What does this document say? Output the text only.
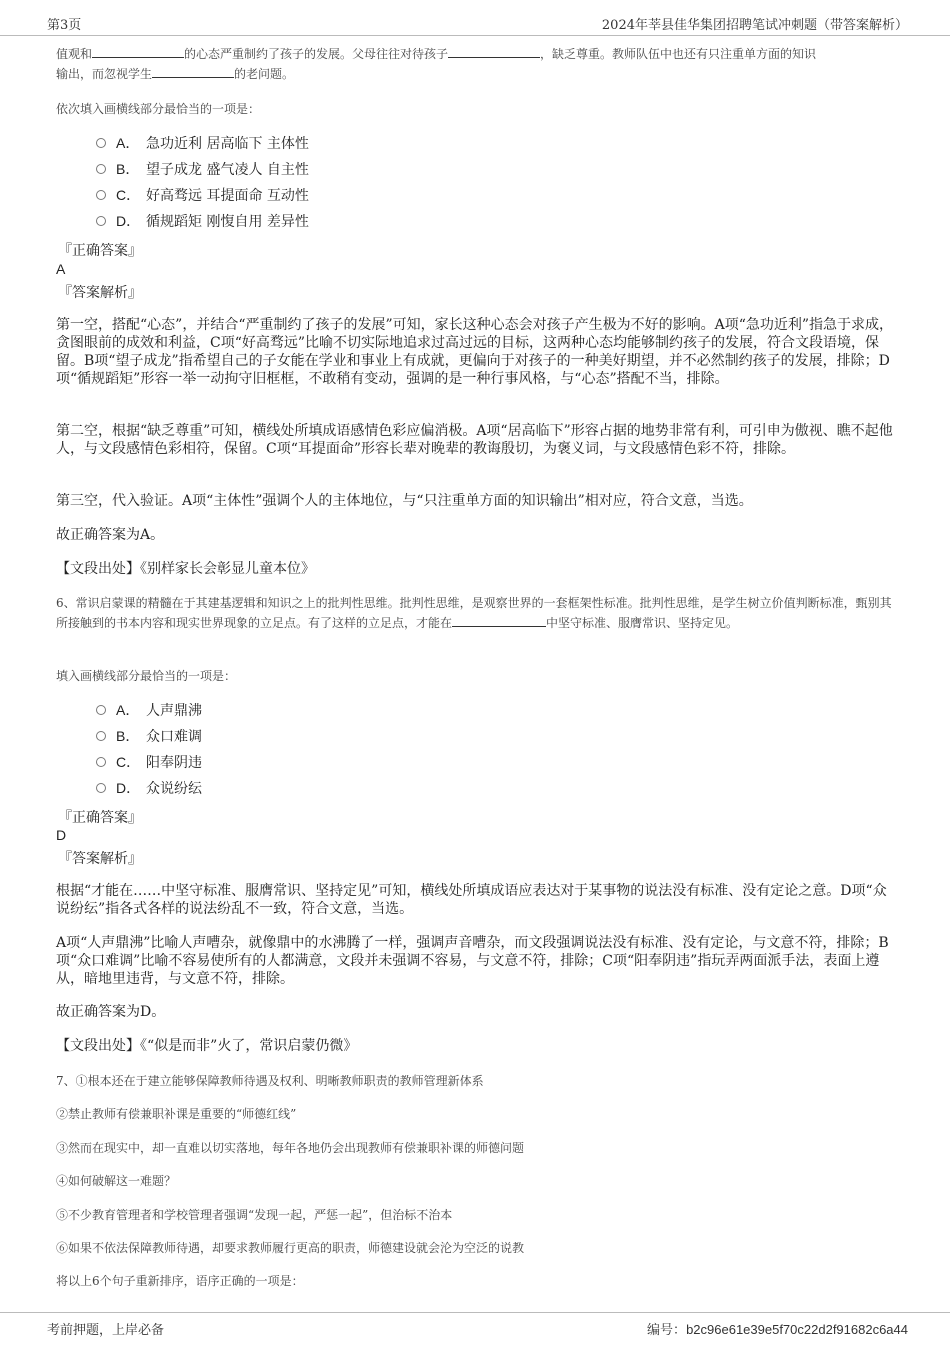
第3页	2024年莘县佳华集团招聘笔试冲刺题（带答案解析）
值观和	的心态严重制约了孩子的发展。父母往往对待孩子	，缺乏尊重。教师队伍中也还有只注重单方面的知识
输出，而忽视学生	的老问题。
依次填入画横线部分最恰当的一项是：
A． 急功近利 居高临下 主体性
B． 望子成龙 盛气凌人 自主性
C． 好高骛远 耳提面命 互动性
D． 循规蹈矩 刚愎自用 差异性
『正确答案』
A
『答案解析』
第一空，搭配“心态”，并结合“严重制约了孩子的发展”可知，家长这种心态会对孩子产生极为不好的影响。A项“急功近利”指急于求成，贪图眼前的成效和利益，C项“好高骛远”比喻不切实际地追求过高过远的目标，这两种心态均能够制约孩子的发展，符合文段语境，保留。B项“望子成龙”指希望自己的子女能在学业和事业上有成就，更偏向于对孩子的一种美好期望，并不必然制约孩子的发展，排除；D项“循规蹈矩”形容一举一动拘守旧框框，不敢稍有变动，强调的是一种行事风格，与“心态”搭配不当，排除。
第二空，根据“缺乏尊重”可知，横线处所填成语感情色彩应偏消极。A项“居高临下”形容占据的地势非常有利，可引申为傲视、瞧不起他人，与文段感情色彩相符，保留。C项“耳提面命”形容长辈对晚辈的教诲殷切，为褒义词，与文段感情色彩不符，排除。
第三空，代入验证。A项“主体性”强调个人的主体地位，与“只注重单方面的知识输出”相对应，符合文意，当选。
故正确答案为A。
【文段出处】《别样家长会彰显儿童本位》
6、常识启蒙课的精髓在于其建基逻辑和知识之上的批判性思维。批判性思维，是观察世界的一套框架性标准。批判性思维，是学生树立价值判断标准，甄别其所接触到的书本内容和现实世界现象的立足点。有了这样的立足点，才能在	中坚守标准、服膺常识、坚持定见。
填入画横线部分最恰当的一项是：
A． 人声鼎沸
B． 众口难调
C． 阳奉阴违
D． 众说纷纭
『正确答案』
D
『答案解析』
根据“才能在……中坚守标准、服膺常识、坚持定见”可知，横线处所填成语应表达对于某事物的说法没有标准、没有定论之意。D项“众说纷纭”指各式各样的说法纷乱不一致，符合文意，当选。
A项“人声鼎沸”比喻人声嘈杂，就像鼎中的水沸腾了一样，强调声音嘈杂，而文段强调说法没有标准、没有定论，与文意不符，排除；B项“众口难调”比喻不容易使所有的人都满意，文段并未强调不容易，与文意不符，排除；C项“阳奉阴违”指玩弄两面派手法，表面上遵从，暗地里违背，与文意不符，排除。
故正确答案为D。
【文段出处】《“似是而非”火了，常识启蒙仍微》
7、①根本还在于建立能够保障教师待遇及权利、明晰教师职责的教师管理新体系
②禁止教师有偿兼职补课是重要的“师德红线”
③然而在现实中，却一直难以切实落地，每年各地仍会出现教师有偿兼职补课的师德问题
④如何破解这一难题？
⑤不少教育管理者和学校管理者强调“发现一起，严惩一起”，但治标不治本
⑥如果不依法保障教师待遇，却要求教师履行更高的职责，师德建设就会沦为空泛的说教
将以上6个句子重新排序，语序正确的一项是：
考前押题，上岸必备	编号：b2c96e61e39e5f70c22d2f91682c6a44
